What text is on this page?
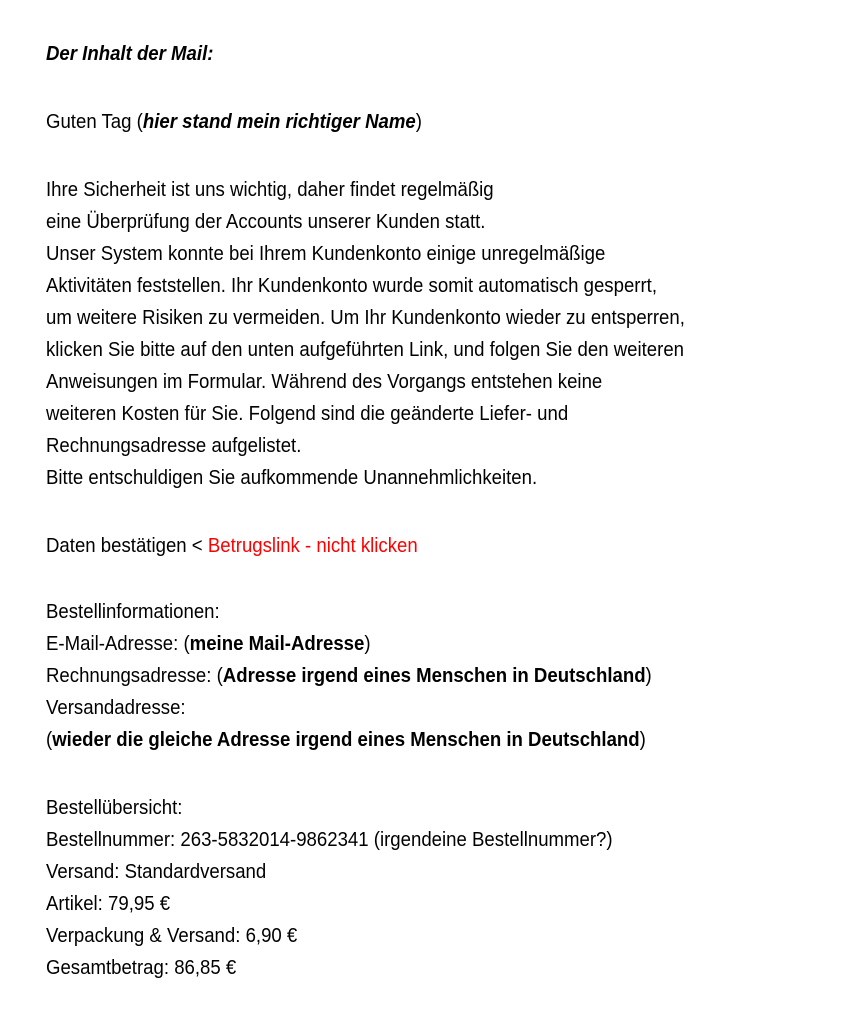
Der Inhalt der Mail:
Guten Tag (hier stand mein richtiger Name)
Ihre Sicherheit ist uns wichtig, daher findet regelmäßig
eine Überprüfung der Accounts unserer Kunden statt.
Unser System konnte bei Ihrem Kundenkonto einige unregelmäßige
Aktivitäten feststellen. Ihr Kundenkonto wurde somit automatisch gesperrt,
um weitere Risiken zu vermeiden. Um Ihr Kundenkonto wieder zu entsperren,
klicken Sie bitte auf den unten aufgeführten Link, und folgen Sie den weiteren
Anweisungen im Formular. Während des Vorgangs entstehen keine
weiteren Kosten für Sie. Folgend sind die geänderte Liefer- und
Rechnungsadresse aufgelistet.
Bitte entschuldigen Sie aufkommende Unannehmlichkeiten.
Daten bestätigen < Betrugslink - nicht klicken
Bestellinformationen:
E-Mail-Adresse: (meine Mail-Adresse)
Rechnungsadresse: (Adresse irgend eines Menschen in Deutschland)
Versandadresse:
(wieder die gleiche Adresse irgend eines Menschen in Deutschland)
Bestellübersicht:
Bestellnummer: 263-5832014-9862341 (irgendeine Bestellnummer?)
Versand: Standardversand
Artikel: 79,95 €
Verpackung & Versand: 6,90 €
Gesamtbetrag: 86,85 €
